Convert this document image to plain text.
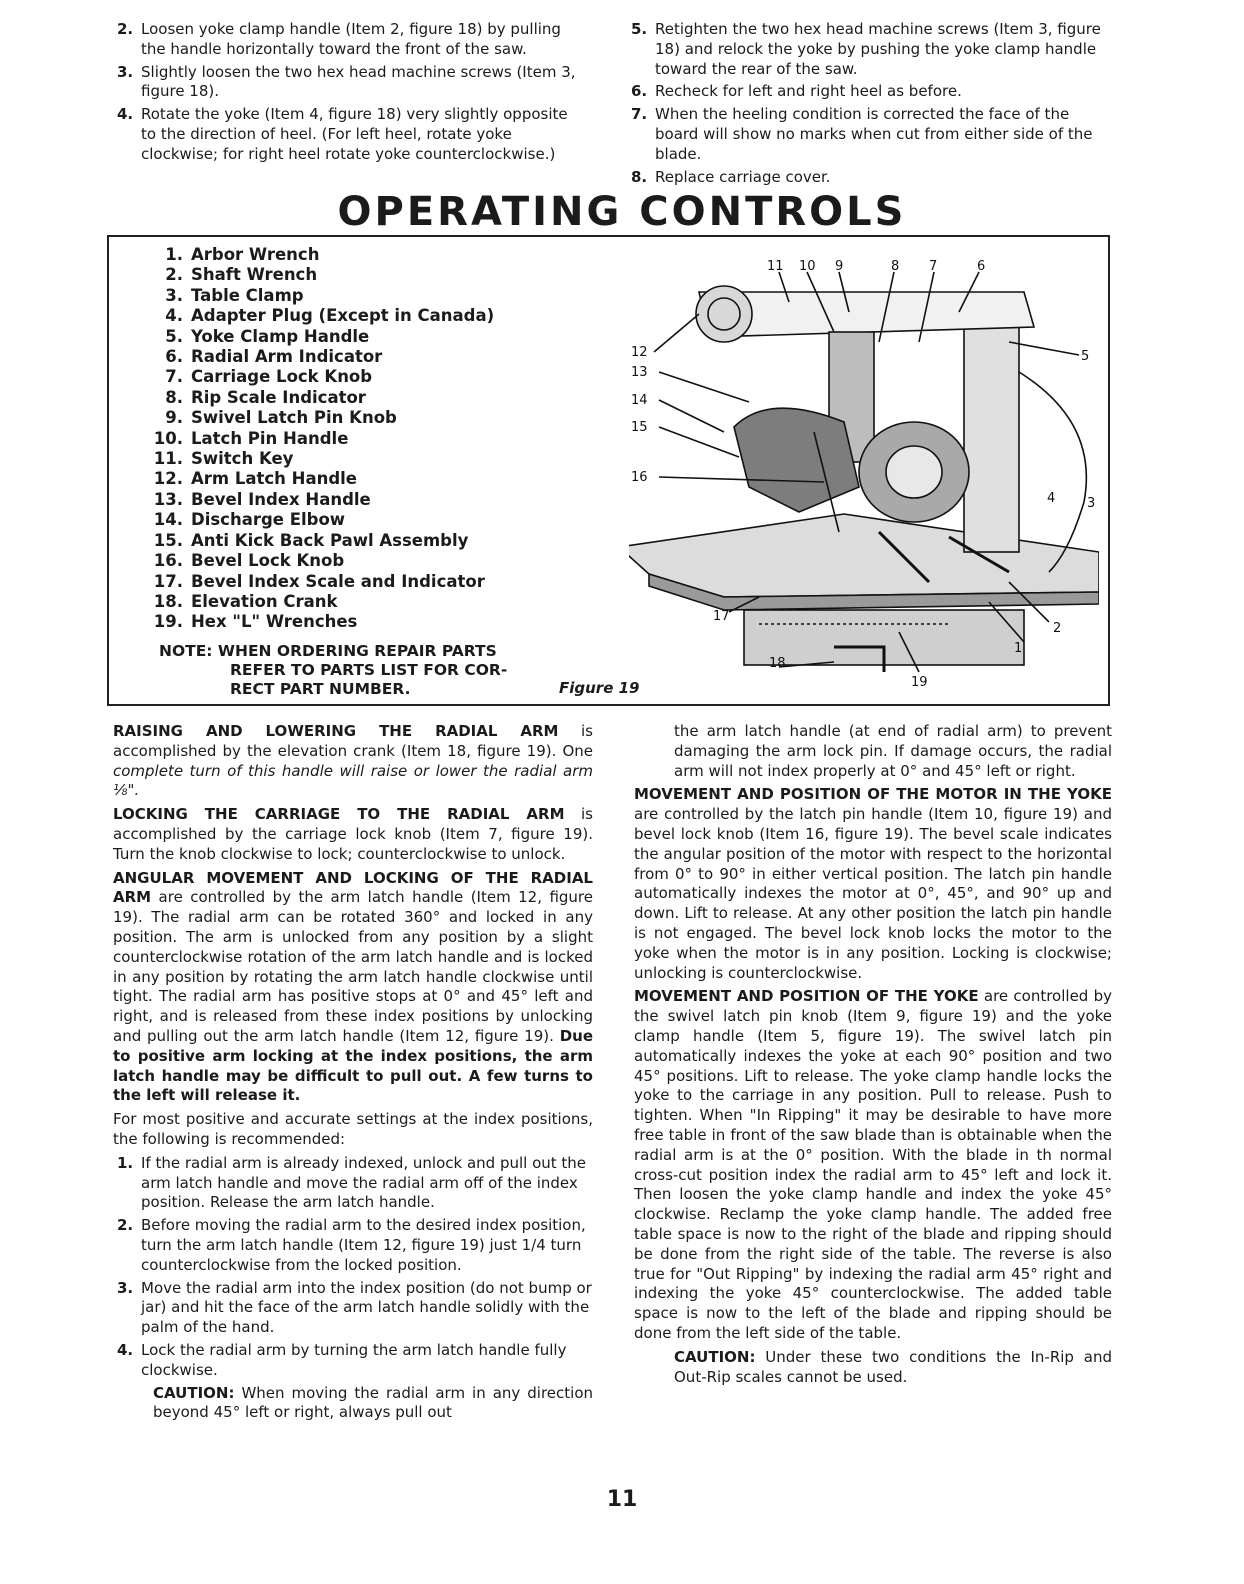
2. Loosen yoke clamp handle (Item 2, figure 18) by pulling the handle horizontally toward the front of the saw.
3. Slightly loosen the two hex head machine screws (Item 3, figure 18).
4. Rotate the yoke (Item 4, figure 18) very slightly opposite to the direction of heel. (For left heel, rotate yoke clockwise; for right heel rotate yoke counterclockwise.)
5. Retighten the two hex head machine screws (Item 3, figure 18) and relock the yoke by pushing the yoke clamp handle toward the rear of the saw.
6. Recheck for left and right heel as before.
7. When the heeling condition is corrected the face of the board will show no marks when cut from either side of the blade.
8. Replace carriage cover.
OPERATING CONTROLS
1. Arbor Wrench
2. Shaft Wrench
3. Table Clamp
4. Adapter Plug (Except in Canada)
5. Yoke Clamp Handle
6. Radial Arm Indicator
7. Carriage Lock Knob
8. Rip Scale Indicator
9. Swivel Latch Pin Knob
10. Latch Pin Handle
11. Switch Key
12. Arm Latch Handle
13. Bevel Index Handle
14. Discharge Elbow
15. Anti Kick Back Pawl Assembly
16. Bevel Lock Knob
17. Bevel Index Scale and Indicator
18. Elevation Crank
19. Hex "L" Wrenches
NOTE: WHEN ORDERING REPAIR PARTS
REFER TO PARTS LIST FOR COR-
RECT PART NUMBER.	Figure 19
11 10 9	8 7	6
12
13
14
15
16
5
4 3
17
2
1
18
19

RAISING AND LOWERING THE RADIAL ARM is accomplished by the elevation crank (Item 18, figure 19). One complete turn of this handle will raise or lower the radial arm ⅛".

LOCKING THE CARRIAGE TO THE RADIAL ARM is accomplished by the carriage lock knob (Item 7, figure 19). Turn the knob clockwise to lock; counterclockwise to unlock.

ANGULAR MOVEMENT AND LOCKING OF THE RADIAL ARM are controlled by the arm latch handle (Item 12, figure 19). The radial arm can be rotated 360° and locked in any position. The arm is unlocked from any position by a slight counterclockwise rotation of the arm latch handle and is locked in any position by rotating the arm latch handle clockwise until tight. The radial arm has positive stops at 0° and 45° left and right, and is released from these index positions by unlocking and pulling out the arm latch handle (Item 12, figure 19). Due to positive arm locking at the index positions, the arm latch handle may be difficult to pull out. A few turns to the left will release it.

For most positive and accurate settings at the index positions, the following is recommended:

1. If the radial arm is already indexed, unlock and pull out the arm latch handle and move the radial arm off of the index position. Release the arm latch handle.
2. Before moving the radial arm to the desired index position, turn the arm latch handle (Item 12, figure 19) just 1/4 turn counterclockwise from the locked position.
3. Move the radial arm into the index position (do not bump or jar) and hit the face of the arm latch handle solidly with the palm of the hand.
4. Lock the radial arm by turning the arm latch handle fully clockwise.

CAUTION: When moving the radial arm in any direction beyond 45° left or right, always pull out

the arm latch handle (at end of radial arm) to prevent damaging the arm lock pin. If damage occurs, the radial arm will not index properly at 0° and 45° left or right.

MOVEMENT AND POSITION OF THE MOTOR IN THE YOKE are controlled by the latch pin handle (Item 10, figure 19) and bevel lock knob (Item 16, figure 19). The bevel scale indicates the angular position of the motor with respect to the horizontal from 0° to 90° in either vertical position. The latch pin handle automatically indexes the motor at 0°, 45°, and 90° up and down. Lift to release. At any other position the latch pin handle is not engaged. The bevel lock knob locks the motor to the yoke when the motor is in any position. Locking is clockwise; unlocking is counterclockwise.

MOVEMENT AND POSITION OF THE YOKE are controlled by the swivel latch pin knob (Item 9, figure 19) and the yoke clamp handle (Item 5, figure 19). The swivel latch pin automatically indexes the yoke at each 90° position and two 45° positions. Lift to release. The yoke clamp handle locks the yoke to the carriage in any position. Pull to release. Push to tighten. When "In Ripping" it may be desirable to have more free table in front of the saw blade than is obtainable when the radial arm is at the 0° position. With the blade in th normal cross-cut position index the radial arm to 45° left and lock it. Then loosen the yoke clamp handle and index the yoke 45° clockwise. Reclamp the yoke clamp handle. The added free table space is now to the right of the blade and ripping should be done from the right side of the table. The reverse is also true for "Out Ripping" by indexing the radial arm 45° right and indexing the yoke 45° counterclockwise. The added table space is now to the left of the blade and ripping should be done from the left side of the table.

CAUTION: Under these two conditions the In-Rip and Out-Rip scales cannot be used.

11
